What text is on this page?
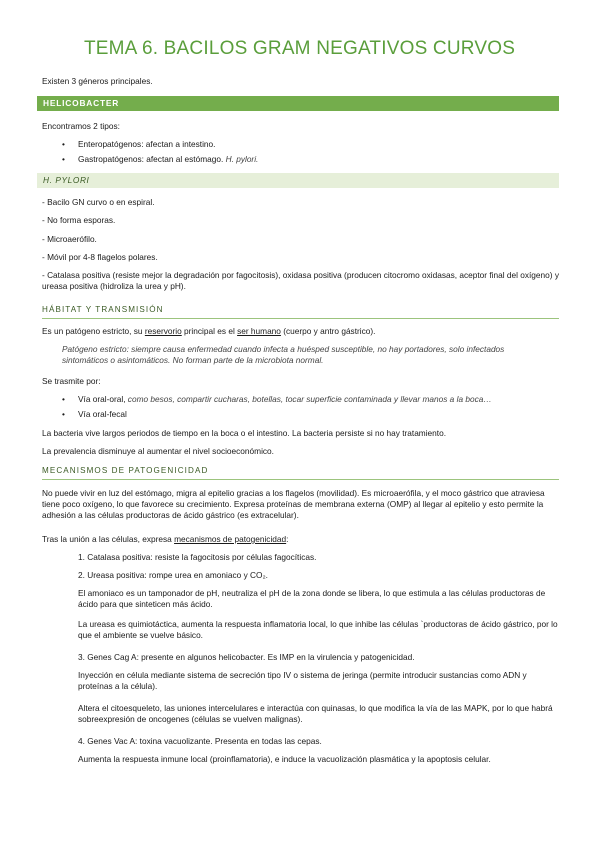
TEMA 6. BACILOS GRAM NEGATIVOS CURVOS
Existen 3 géneros principales.
HELICOBACTER
Encontramos 2 tipos:
• Enteropatógenos: afectan a intestino.
• Gastropatógenos: afectan al estómago. H. pylori.
H. PYLORI
- Bacilo GN curvo o en espiral.
- No forma esporas.
- Microaerófilo.
- Móvil por 4-8 flagelos polares.
- Catalasa positiva (resiste mejor la degradación por fagocitosis), oxidasa positiva (producen citocromo oxidasas, aceptor final del oxígeno) y ureasa positiva (hidroliza la urea y pH).
HÁBITAT Y TRANSMISIÓN
Es un patógeno estricto, su reservorio principal es el ser humano (cuerpo y antro gástrico).
Patógeno estricto: siempre causa enfermedad cuando infecta a huésped susceptible, no hay portadores, solo infectados sintomáticos o asintomáticos. No forman parte de la microbiota normal.
Se trasmite por:
• Vía oral-oral, como besos, compartir cucharas, botellas, tocar superficie contaminada y llevar manos a la boca…
• Vía oral-fecal
La bacteria vive largos periodos de tiempo en la boca o el intestino. La bacteria persiste si no hay tratamiento.
La prevalencia disminuye al aumentar el nivel socioeconómico.
MECANISMOS DE PATOGENICIDAD
No puede vivir en luz del estómago, migra al epitelio gracias a los flagelos (movilidad). Es microaerófila, y el moco gástrico que atraviesa tiene poco oxígeno, lo que favorece su crecimiento. Expresa proteínas de membrana externa (OMP) al llegar al epitelio y esto permite la adhesión a las células productoras de ácido gástrico (es extracelular).
Tras la unión a las células, expresa mecanismos de patogenicidad:
1. Catalasa positiva: resiste la fagocitosis por células fagocíticas.
2. Ureasa positiva: rompe urea en amoniaco y CO₂.
El amoniaco es un tamponador de pH, neutraliza el pH de la zona donde se libera, lo que estimula a las células productoras de ácido para que sinteticen más ácido.
La ureasa es quimiotáctica, aumenta la respuesta inflamatoria local, lo que inhibe las células `productoras de ácido gástrico, por lo que el ambiente se vuelve básico.
3. Genes Cag A: presente en algunos helicobacter. Es IMP en la virulencia y patogenicidad.
Inyección en célula mediante sistema de secreción tipo IV o sistema de jeringa (permite introducir sustancias como ADN y proteínas a la célula).
Altera el citoesqueleto, las uniones intercelulares e interactúa con quinasas, lo que modifica la vía de las MAPK, por lo que habrá sobreexpresión de oncogenes (células se vuelven malignas).
4. Genes Vac A: toxina vacuolizante. Presenta en todas las cepas.
Aumenta la respuesta inmune local (proinflamatoria), e induce la vacuolización plasmática y la apoptosis celular.
